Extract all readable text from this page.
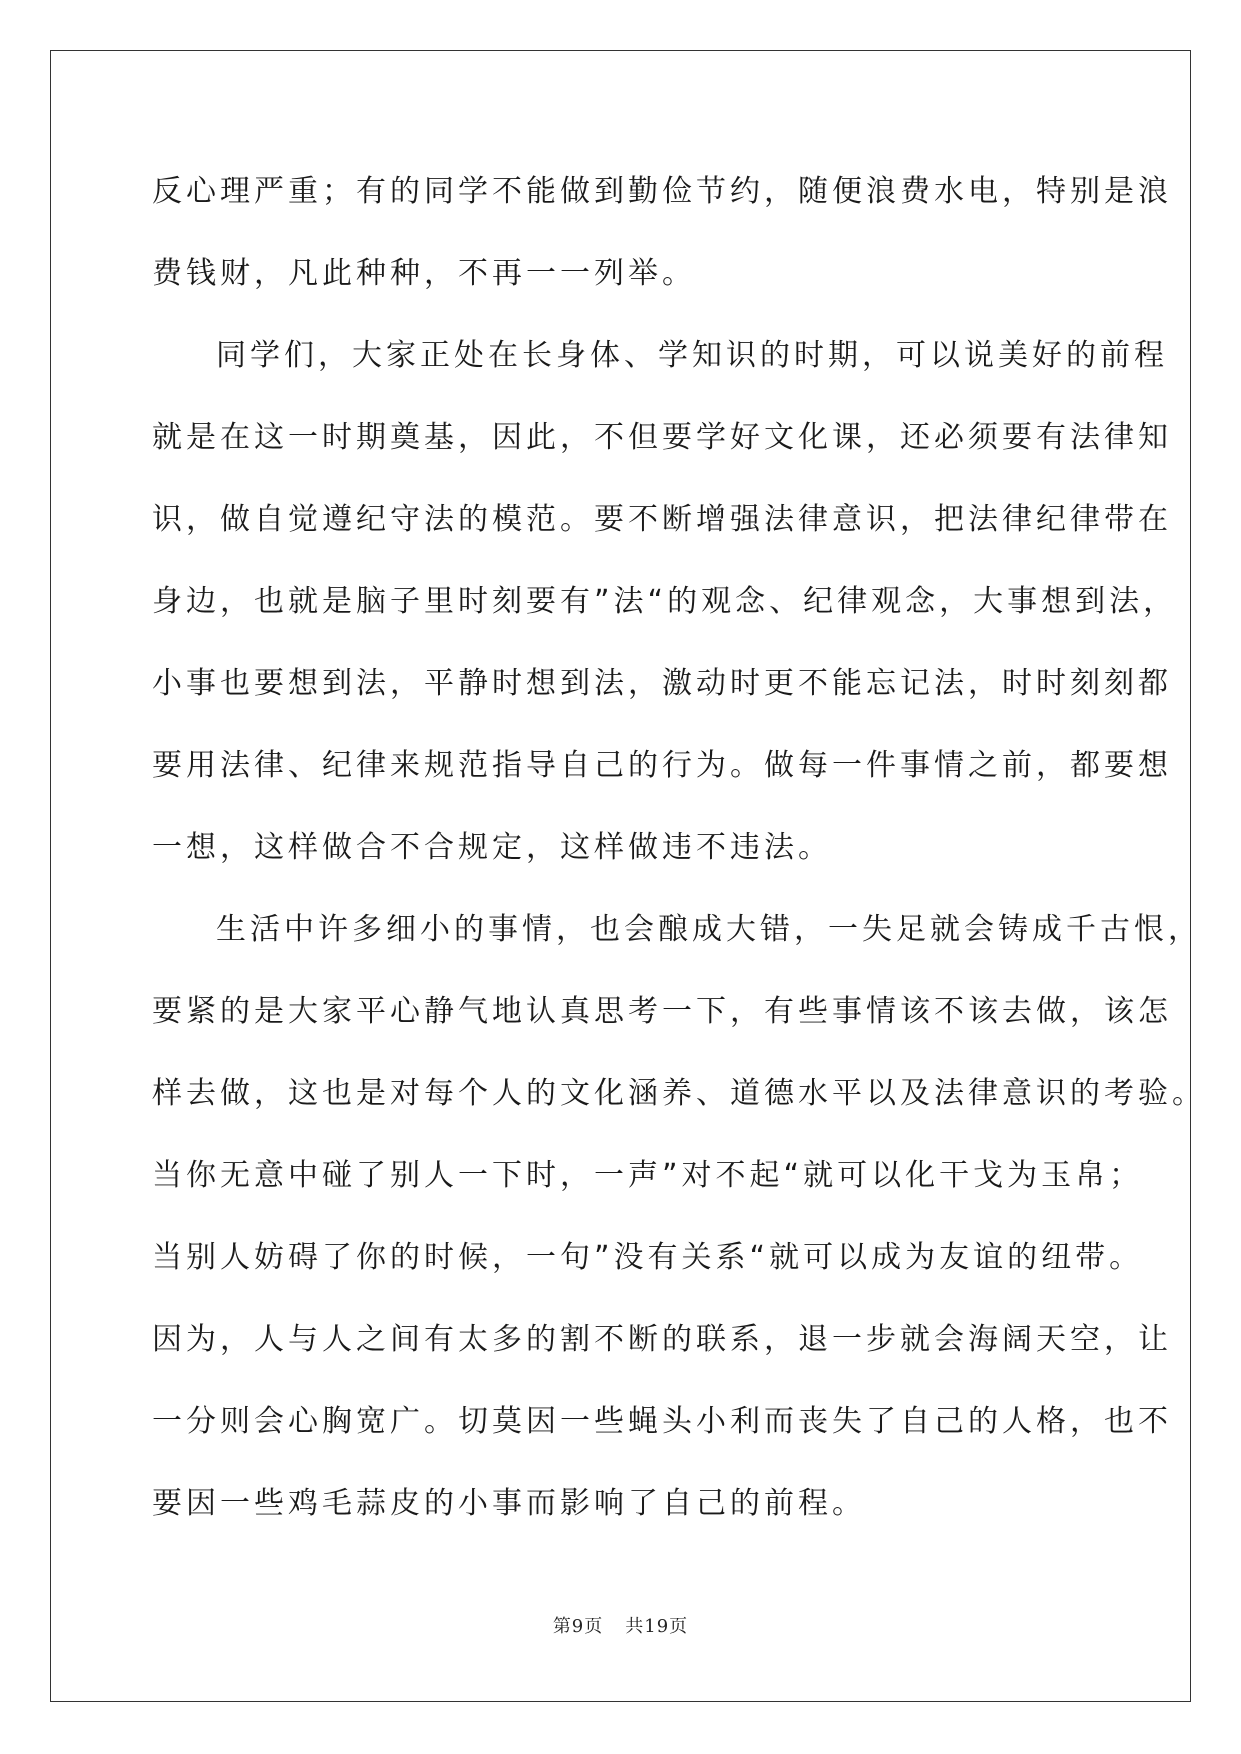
反心理严重；有的同学不能做到勤俭节约，随便浪费水电，特别是浪
费钱财，凡此种种，不再一一列举。
同学们，大家正处在长身体、学知识的时期，可以说美好的前程
就是在这一时期奠基，因此，不但要学好文化课，还必须要有法律知
识，做自觉遵纪守法的模范。要不断增强法律意识，把法律纪律带在
身边，也就是脑子里时刻要有”法“的观念、纪律观念，大事想到法，
小事也要想到法，平静时想到法，激动时更不能忘记法，时时刻刻都
要用法律、纪律来规范指导自己的行为。做每一件事情之前，都要想
一想，这样做合不合规定，这样做违不违法。
生活中许多细小的事情，也会酿成大错，一失足就会铸成千古恨，
要紧的是大家平心静气地认真思考一下，有些事情该不该去做，该怎
样去做，这也是对每个人的文化涵养、道德水平以及法律意识的考验。
当你无意中碰了别人一下时，一声”对不起“就可以化干戈为玉帛；
当别人妨碍了你的时候，一句”没有关系“就可以成为友谊的纽带。
因为，人与人之间有太多的割不断的联系，退一步就会海阔天空，让
一分则会心胸宽广。切莫因一些蝇头小利而丧失了自己的人格，也不
要因一些鸡毛蒜皮的小事而影响了自己的前程。
第9页 共19页
